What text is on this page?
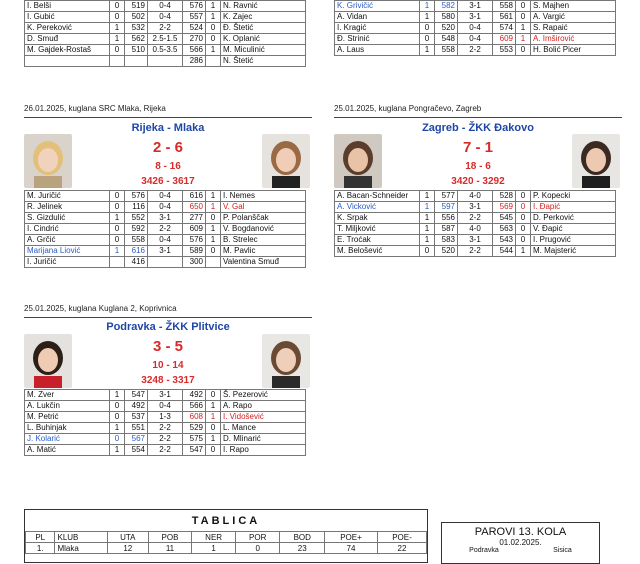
I. Belši	0	519	0-4	576	1	N. Ravnić
I. Gubić	0	502	0-4	557	1	K. Zajec
K. Pereković	1	532	2-2	524	0	Đ. Štetić
D. Smuđ	1	562	2.5-1.5	270	0	K. Oplanić
M. Gajdek-Rostaš	0	510	0.5-3.5	566	1	M. Miculinić
				286		N. Štetić
K. Grivičić	1	582	3-1	558	0	S. Majhen
A. Vidan	1	580	3-1	561	0	A. Vargić
I. Kragić	0	520	0-4	574	1	S. Rapaić
Đ. Strinić	0	548	0-4	609	1	A. Imširović
A. Laus	1	558	2-2	553	0	H. Bolić Picer
26.01.2025, kuglana SRC Mlaka, Rijeka
Rijeka - Mlaka
2 - 6
8 - 16
3426 - 3617
M. Juričić	0	576	0-4	616	1	I. Nemes
R. Jelinek	0	116	0-4	650	1	V. Gal
S. Gizdulić	1	552	3-1	277	0	P. Polanščak
I. Cindrić	0	592	2-2	609	1	V. Bogdanović
A. Grčić	0	558	0-4	576	1	B. Strelec
Marijana Liović	1	616	3-1	589	0	M. Pavlic
I. Juričić		416		300		Valentina Smuđ
25.01.2025, kuglana Pongračevo, Zagreb
Zagreb - ŽKK Đakovo
7 - 1
18 - 6
3420 - 3292
A. Bacan-Schneider	1	577	4-0	528	0	P. Kopecki
A. Vicković	1	597	3-1	569	0	I. Đapić
K. Srpak	1	556	2-2	545	0	D. Perković
T. Miljković	1	587	4-0	563	0	V. Đapić
E. Troćak	1	583	3-1	543	0	I. Prugović
M. Belošević	0	520	2-2	544	1	M. Majsterić
25.01.2025, kuglana Kuglana 2, Koprivnica
Podravka - ŽKK Plitvice
3 - 5
10 - 14
3248 - 3317
M. Zver	1	547	3-1	492	0	Š. Pezerović
A. Lukčin	0	492	0-4	566	1	A. Rapo
M. Petrić	0	537	1-3	608	1	I. Vidošević
L. Buhinjak	1	551	2-2	529	0	L. Mance
J. Kolarić	0	567	2-2	575	1	D. Mlinarić
A. Matić	1	554	2-2	547	0	I. Rapo
TABLICA
PL	KLUB	UTA	POB	NER	POR	BOD	POE+	POE-
1.	Mlaka	12	11	1	0	23	74	22
PAROVI 13. KOLA
01.02.2025.
Podravka	Sisica
